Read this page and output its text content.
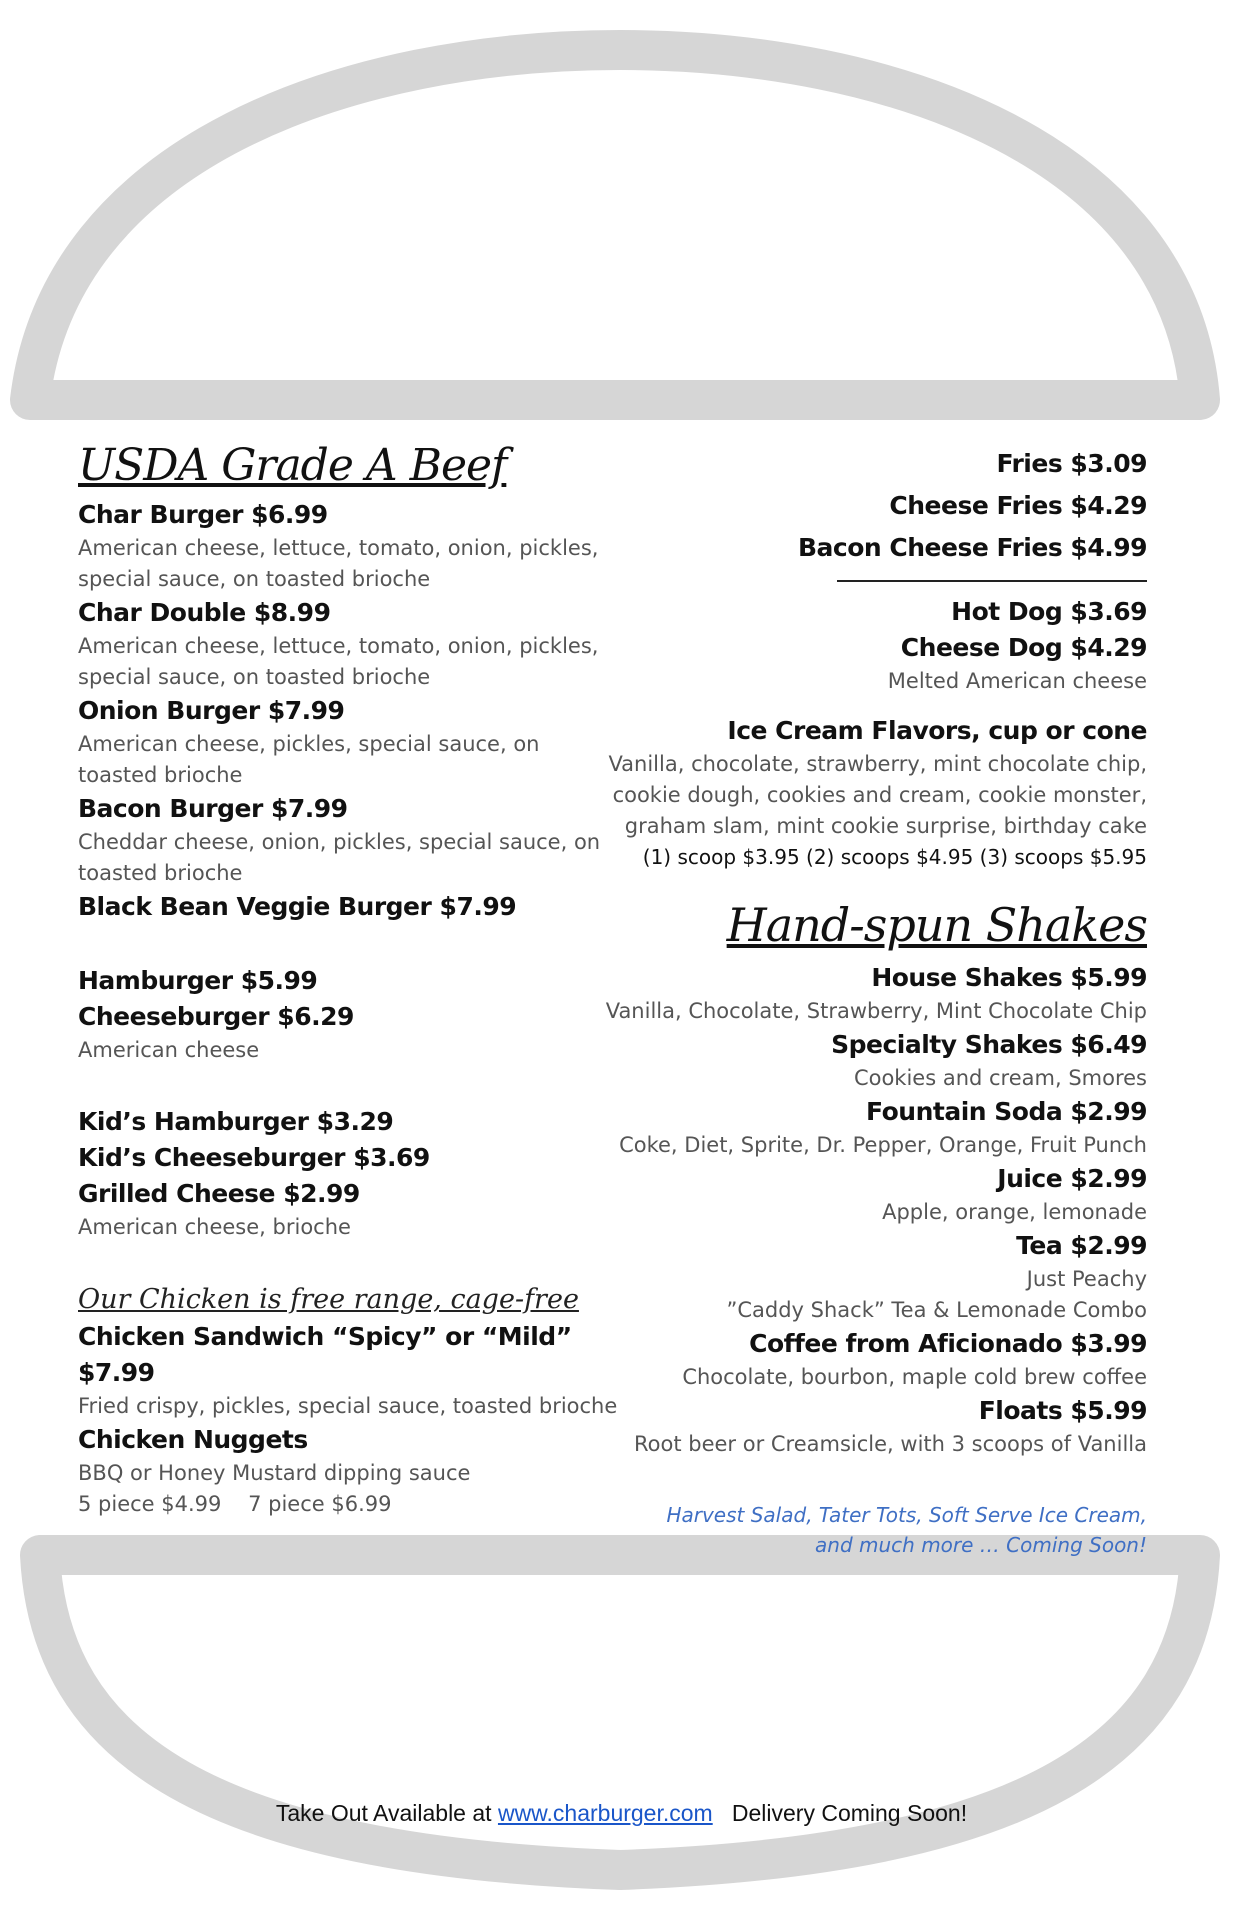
USDA Grade A Beef

Char Burger $6.99

American cheese, lettuce, tomato, onion, pickles, special sauce, on toasted brioche

Char Double $8.99

American cheese, lettuce, tomato, onion, pickles, special sauce, on toasted brioche

Onion Burger $7.99

American cheese, pickles, special sauce, on toasted brioche

Bacon Burger $7.99

Cheddar cheese, onion, pickles, special sauce, on toasted brioche

Black Bean Veggie Burger $7.99

Hamburger $5.99

Cheeseburger $6.29

American cheese

Kid’s Hamburger $3.29

Kid’s Cheeseburger $3.69

Grilled Cheese $2.99

American cheese, brioche

Our Chicken is free range, cage-free

Chicken Sandwich “Spicy” or “Mild” $7.99

Fried crispy, pickles, special sauce, toasted brioche

Chicken Nuggets

BBQ or Honey Mustard dipping sauce

5 piece $4.99    7 piece $6.99

Fries $3.09

Cheese Fries $4.29

Bacon Cheese Fries $4.99

Hot Dog $3.69

Cheese Dog $4.29

Melted American cheese

Ice Cream Flavors, cup or cone

Vanilla, chocolate, strawberry, mint chocolate chip,

cookie dough, cookies and cream, cookie monster,

graham slam, mint cookie surprise, birthday cake

(1) scoop $3.95 (2) scoops $4.95 (3) scoops $5.95

Hand-spun Shakes

House Shakes $5.99

Vanilla, Chocolate, Strawberry, Mint Chocolate Chip

Specialty Shakes $6.49

Cookies and cream, Smores

Fountain Soda $2.99

Coke, Diet, Sprite, Dr. Pepper, Orange, Fruit Punch

Juice $2.99

Apple, orange, lemonade

Tea $2.99

Just Peachy

”Caddy Shack” Tea & Lemonade Combo

Coffee from Aficionado $3.99

Chocolate, bourbon, maple cold brew coffee

Floats $5.99

Root beer or Creamsicle, with 3 scoops of Vanilla

Harvest Salad, Tater Tots, Soft Serve Ice Cream,

and much more … Coming Soon!

Take Out Available at www.charburger.com Delivery Coming Soon!
